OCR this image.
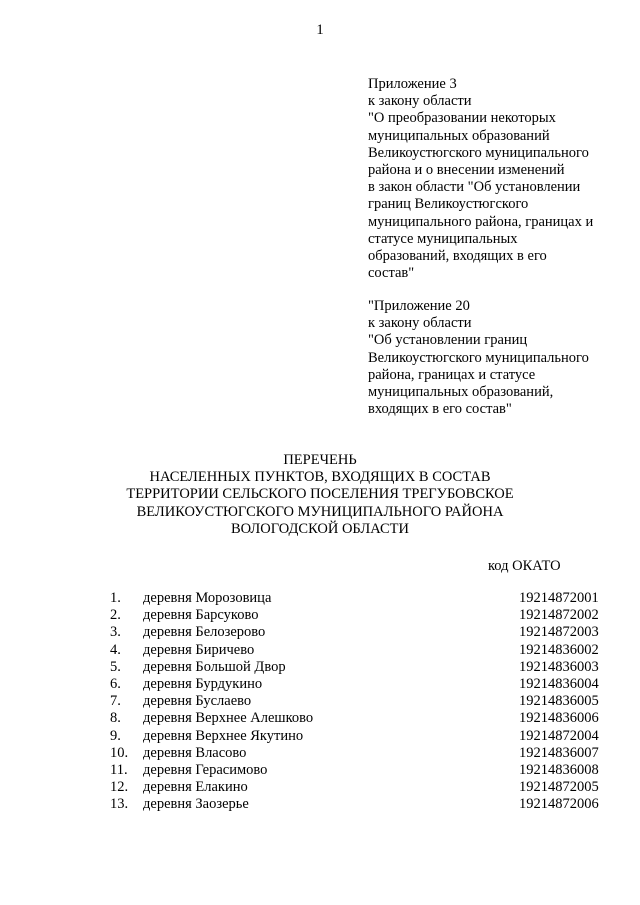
1
Приложение 3
к закону области
"О преобразовании некоторых
муниципальных образований
Великоустюгского муниципального
района и о внесении изменений
в закон области "Об установлении
границ Великоустюгского
муниципального района, границах и
статусе муниципальных
образований, входящих в его
состав"
"Приложение 20
к закону области
"Об установлении границ
Великоустюгского муниципального
района, границах и статусе
муниципальных образований,
входящих в его состав"
ПЕРЕЧЕНЬ
НАСЕЛЕННЫХ ПУНКТОВ, ВХОДЯЩИХ В СОСТАВ
ТЕРРИТОРИИ СЕЛЬСКОГО ПОСЕЛЕНИЯ ТРЕГУБОВСКОЕ
ВЕЛИКОУСТЮГСКОГО МУНИЦИПАЛЬНОГО РАЙОНА
ВОЛОГОДСКОЙ ОБЛАСТИ
код ОКАТО
1. деревня Морозовица	19214872001
2. деревня Барсуково	19214872002
3. деревня Белозерово	19214872003
4. деревня Биричево	19214836002
5. деревня Большой Двор	19214836003
6. деревня Бурдукино	19214836004
7. деревня Буслаево	19214836005
8. деревня Верхнее Алешково	19214836006
9. деревня Верхнее Якутино	19214872004
10. деревня Власово	19214836007
11. деревня Герасимово	19214836008
12. деревня Елакино	19214872005
13. деревня Заозерье	19214872006
